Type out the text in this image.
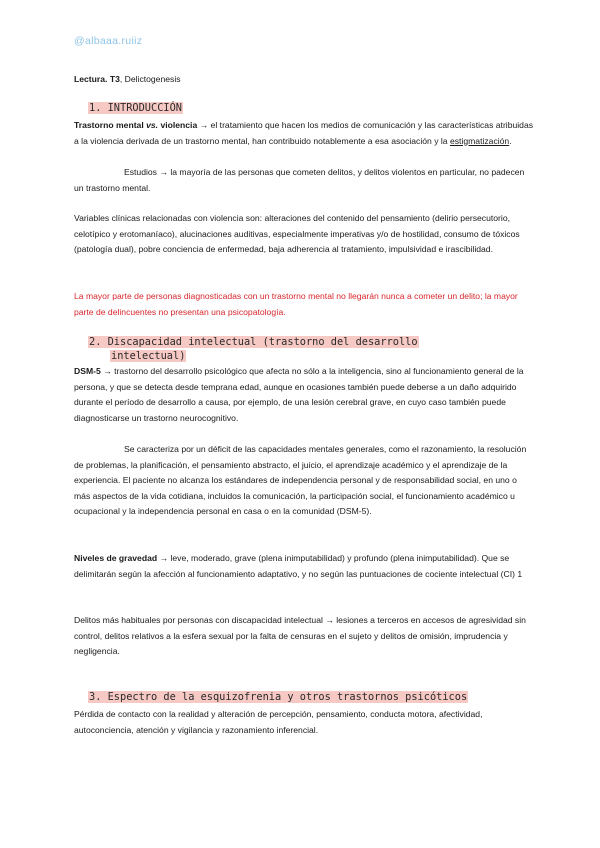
@albaaa.ruiiz
Lectura. T3, Delictogenesis
1. INTRODUCCIÓN

Trastorno mental vs. violencia → el tratamiento que hacen los medios de comunicación y las características atribuidas a la violencia derivada de un trastorno mental, han contribuido notablemente a esa asociación y la estigmatización.

Estudios → la mayoría de las personas que cometen delitos, y delitos violentos en particular, no padecen un trastorno mental.

Variables clínicas relacionadas con violencia son: alteraciones del contenido del pensamiento (delirio persecutorio, celotípico y erotomaníaco), alucinaciones auditivas, especialmente imperativas y/o de hostilidad, consumo de tóxicos (patología dual), pobre conciencia de enfermedad, baja adherencia al tratamiento, impulsividad e irascibilidad.

La mayor parte de personas diagnosticadas con un trastorno mental no llegarán nunca a cometer un delito; la mayor parte de delincuentes no presentan una psicopatología.

2. Discapacidad intelectual (trastorno del desarrollo
intelectual)

DSM-5 → trastorno del desarrollo psicológico que afecta no sólo a la inteligencia, sino al funcionamiento general de la persona, y que se detecta desde temprana edad, aunque en ocasiones también puede deberse a un daño adquirido durante el período de desarrollo a causa, por ejemplo, de una lesión cerebral grave, en cuyo caso también puede diagnosticarse un trastorno neurocognitivo.

Se caracteriza por un déficit de las capacidades mentales generales, como el razonamiento, la resolución de problemas, la planificación, el pensamiento abstracto, el juicio, el aprendizaje académico y el aprendizaje de la experiencia. El paciente no alcanza los estándares de independencia personal y de responsabilidad social, en uno o más aspectos de la vida cotidiana, incluidos la comunicación, la participación social, el funcionamiento académico u ocupacional y la independencia personal en casa o en la comunidad (DSM-5).

Niveles de gravedad → leve, moderado, grave (plena inimputabilidad) y profundo (plena inimputabilidad). Que se delimitarán según la afección al funcionamiento adaptativo, y no según las puntuaciones de cociente intelectual (CI) 1

Delitos más habituales por personas con discapacidad intelectual → lesiones a terceros en accesos de agresividad sin control, delitos relativos a la esfera sexual por la falta de censuras en el sujeto y delitos de omisión, imprudencia y negligencia.

3. Espectro de la esquizofrenia y otros trastornos psicóticos

Pérdida de contacto con la realidad y alteración de percepción, pensamiento, conducta motora, afectividad, autoconciencia, atención y vigilancia y razonamiento inferencial.
